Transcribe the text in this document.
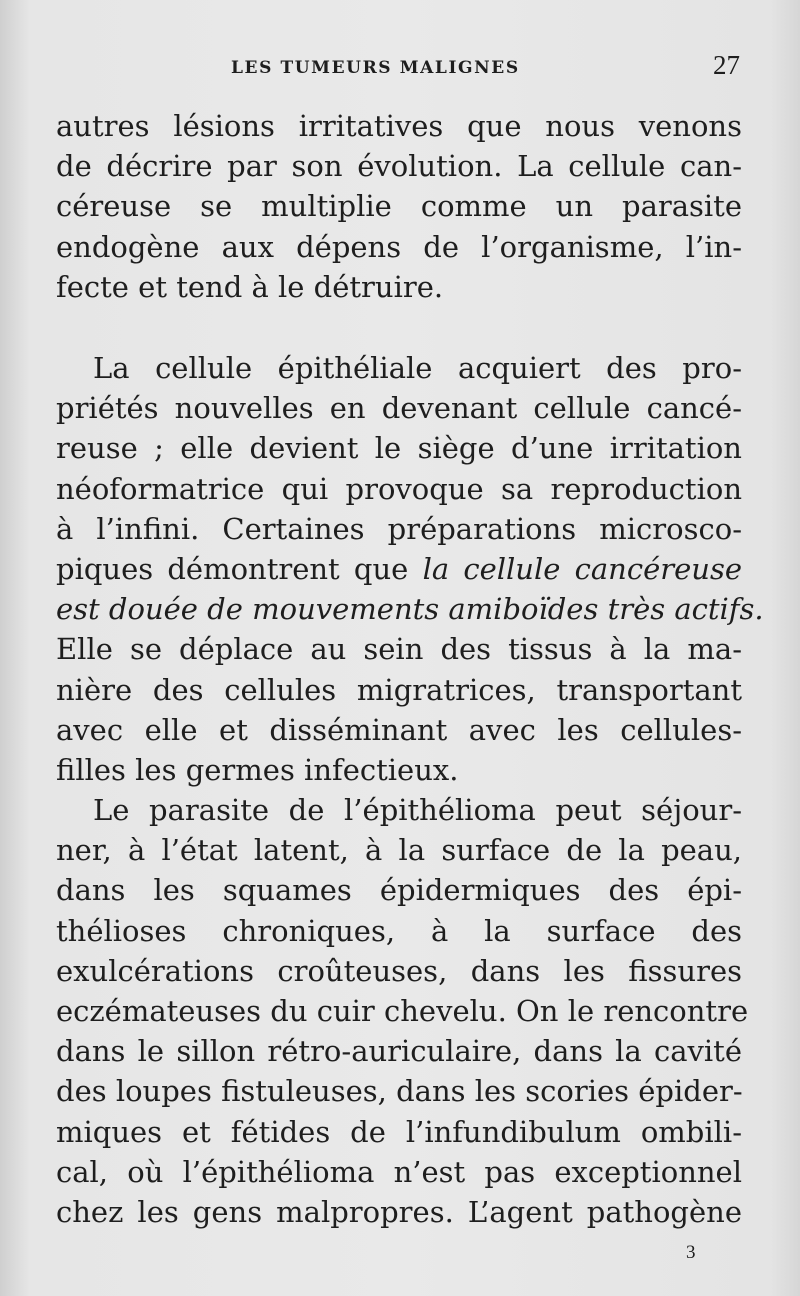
LES TUMEURS MALIGNES	27

autres lésions irritatives que nous venons
de décrire par son évolution. La cellule can-
céreuse se multiplie comme un parasite
endogène aux dépens de l’organisme, l’in-
fecte et tend à le détruire.

La cellule épithéliale acquiert des pro-
priétés nouvelles en devenant cellule cancé-
reuse ; elle devient le siège d’une irritation
néoformatrice qui provoque sa reproduction
à l’infini. Certaines préparations microsco-
piques démontrent que la cellule cancéreuse
est douée de mouvements amiboïdes très actifs.
Elle se déplace au sein des tissus à la ma-
nière des cellules migratrices, transportant
avec elle et disséminant avec les cellules-
filles les germes infectieux.

Le parasite de l’épithélioma peut séjour-
ner, à l’état latent, à la surface de la peau,
dans les squames épidermiques des épi-
thélioses chroniques, à la surface des
exulcérations croûteuses, dans les fissures
eczémateuses du cuir chevelu. On le rencontre
dans le sillon rétro-auriculaire, dans la cavité
des loupes fistuleuses, dans les scories épider-
miques et fétides de l’infundibulum ombili-
cal, où l’épithélioma n’est pas exceptionnel
chez les gens malpropres. L’agent pathogène

3
